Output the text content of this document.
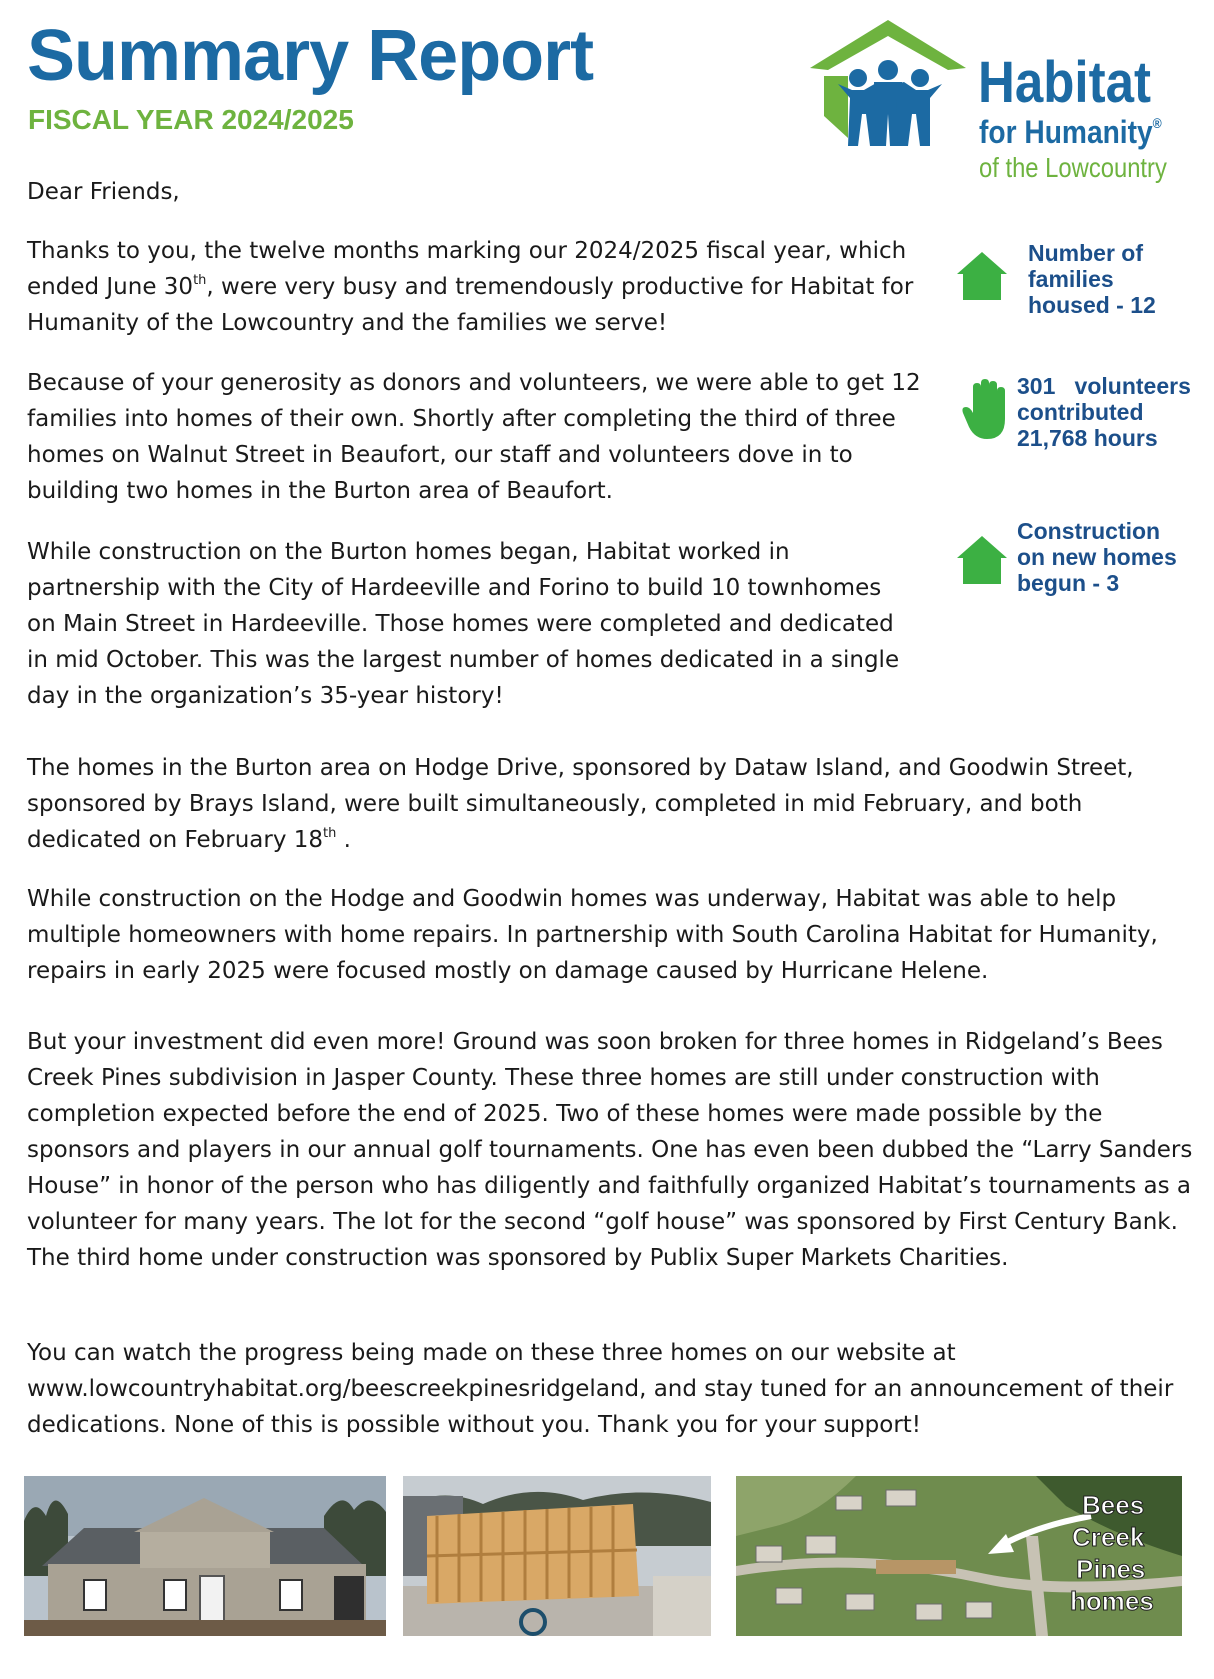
Summary Report
FISCAL YEAR 2024/2025
Habitat
for Humanity®
of the Lowcountry
Dear Friends,
Thanks to you, the twelve months marking our 2024/2025 fiscal year, which ended June 30th, were very busy and tremendously productive for Habitat for Humanity of the Lowcountry and the families we serve!
Because of your generosity as donors and volunteers, we were able to get 12 families into homes of their own. Shortly after completing the third of three homes on Walnut Street in Beaufort, our staff and volunteers dove in to building two homes in the Burton area of Beaufort.
While construction on the Burton homes began, Habitat worked in partnership with the City of Hardeeville and Forino to build 10 townhomes on Main Street in Hardeeville. Those homes were completed and dedicated in mid October. This was the largest number of homes dedicated in a single day in the organization’s 35-year history!
The homes in the Burton area on Hodge Drive, sponsored by Dataw Island, and Goodwin Street, sponsored by Brays Island, were built simultaneously, completed in mid February, and both dedicated on February 18th .
While construction on the Hodge and Goodwin homes was underway, Habitat was able to help multiple homeowners with home repairs. In partnership with South Carolina Habitat for Humanity, repairs in early 2025 were focused mostly on damage caused by Hurricane Helene.
But your investment did even more! Ground was soon broken for three homes in Ridgeland’s Bees Creek Pines subdivision in Jasper County. These three homes are still under construction with completion expected before the end of 2025. Two of these homes were made possible by the sponsors and players in our annual golf tournaments. One has even been dubbed the “Larry Sanders House” in honor of the person who has diligently and faithfully organized Habitat’s tournaments as a volunteer for many years. The lot for the second “golf house” was sponsored by First Century Bank. The third home under construction was sponsored by Publix Super Markets Charities.
You can watch the progress being made on these three homes on our website at www.lowcountryhabitat.org/beescreekpinesridgeland, and stay tuned for an announcement of their dedications. None of this is possible without you. Thank you for your support!
Number of
families
housed - 12
301   volunteers
contributed
21,768 hours
Construction
on new homes
begun - 3
Bees
Creek
Pines
homes
